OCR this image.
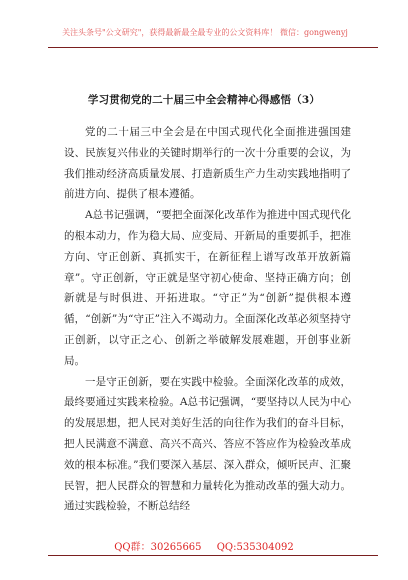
关注头条号"公文研究"，获得最新最全最专业的公文资料库！ 微信：gongwenyj
学习贯彻党的二十届三中全会精神心得感悟（3）

党的二十届三中全会是在中国式现代化全面推进强国建设、民族复兴伟业的关键时期举行的一次十分重要的会议，为我们推动经济高质量发展、打造新质生产力生动实践地指明了前进方向、提供了根本遵循。

A总书记强调，“要把全面深化改革作为推进中国式现代化的根本动力，作为稳大局、应变局、开新局的重要抓手，把准方向、守正创新、真抓实干，在新征程上谱写改革开放新篇章”。守正创新，守正就是坚守初心使命、坚持正确方向；创新就是与时俱进、开拓进取。“守正”为“创新”提供根本遵循，“创新”为“守正”注入不竭动力。全面深化改革必须坚持守正创新，以守正之心、创新之举破解发展难题，开创事业新局。

一是守正创新，要在实践中检验。全面深化改革的成效，最终要通过实践来检验。A总书记强调，“要坚持以人民为中心的发展思想，把人民对美好生活的向往作为我们的奋斗目标，把人民满意不满意、高兴不高兴、答应不答应作为检验改革成效的根本标准。”我们要深入基层、深入群众，倾听民声、汇聚民智，把人民群众的智慧和力量转化为推动改革的强大动力。通过实践检验，不断总结经

QQ群：30265665 QQ:535304092
